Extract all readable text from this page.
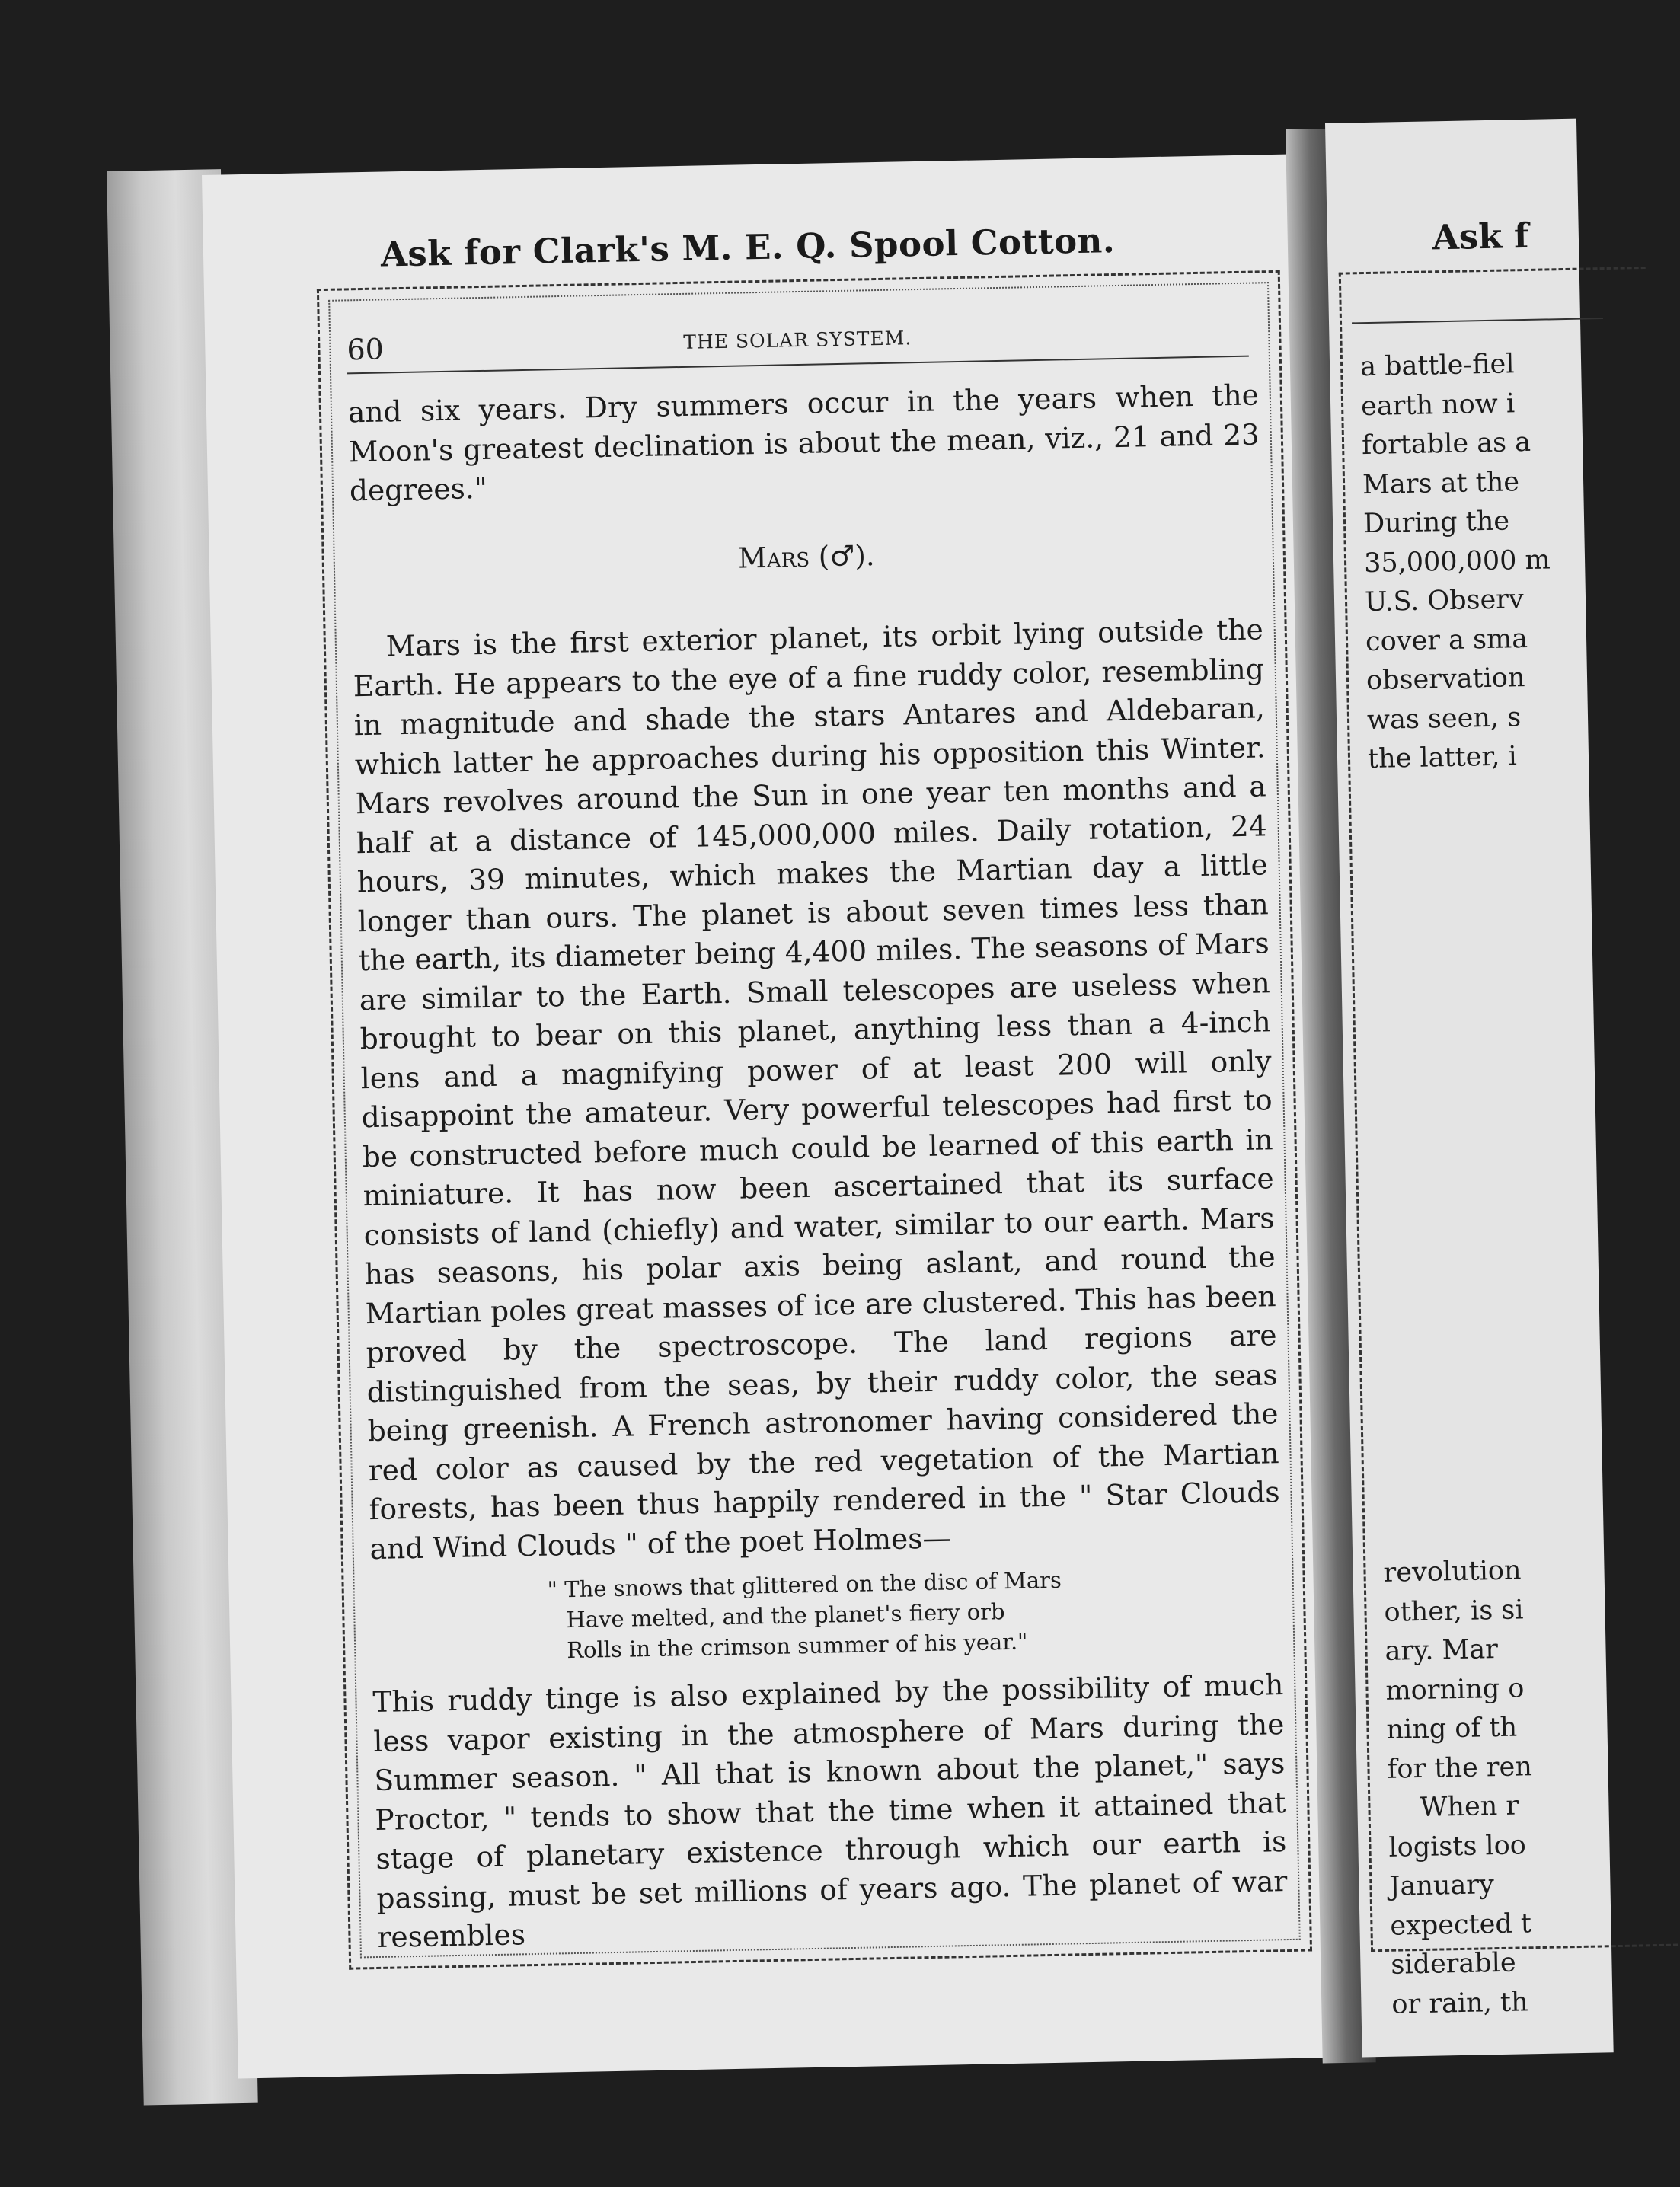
Ask for Clark's M. E. Q. Spool Cotton.
60	THE SOLAR SYSTEM.

and six years. Dry summers occur in the years when the Moon's greatest declination is about the mean, viz., 21 and 23 degrees."

Mars (♂).

Mars is the first exterior planet, its orbit lying outside the Earth. He appears to the eye of a fine ruddy color, resembling in magnitude and shade the stars Antares and Aldebaran, which latter he approaches during his opposition this Winter. Mars revolves around the Sun in one year ten months and a half at a distance of 145,000,000 miles. Daily rotation, 24 hours, 39 minutes, which makes the Martian day a little longer than ours. The planet is about seven times less than the earth, its diameter being 4,400 miles. The seasons of Mars are similar to the Earth. Small telescopes are useless when brought to bear on this planet, anything less than a 4-inch lens and a magnifying power of at least 200 will only disappoint the amateur. Very powerful telescopes had first to be constructed before much could be learned of this earth in miniature. It has now been ascertained that its surface consists of land (chiefly) and water, similar to our earth. Mars has seasons, his polar axis being aslant, and round the Martian poles great masses of ice are clustered. This has been proved by the spectroscope. The land regions are distinguished from the seas, by their ruddy color, the seas being greenish. A French astronomer having considered the red color as caused by the red vegetation of the Martian forests, has been thus happily rendered in the " Star Clouds and Wind Clouds " of the poet Holmes—

" The snows that glittered on the disc of Mars
Have melted, and the planet's fiery orb
Rolls in the crimson summer of his year."

This ruddy tinge is also explained by the possibility of much less vapor existing in the atmosphere of Mars during the Summer season. " All that is known about the planet," says Proctor, " tends to show that the time when it attained that stage of planetary existence through which our earth is passing, must be set millions of years ago. The planet of war resembles

Ask f
a battle-fiel
earth now i
fortable as a
Mars at the
During the
35,000,000 m
U.S. Observ
cover a sma
observation
was seen, s
the latter, i
revolution
other, is si
ary. Mar
morning o
ning of th
for the ren
When r
logists loo
January
expected t
siderable
or rain, th
